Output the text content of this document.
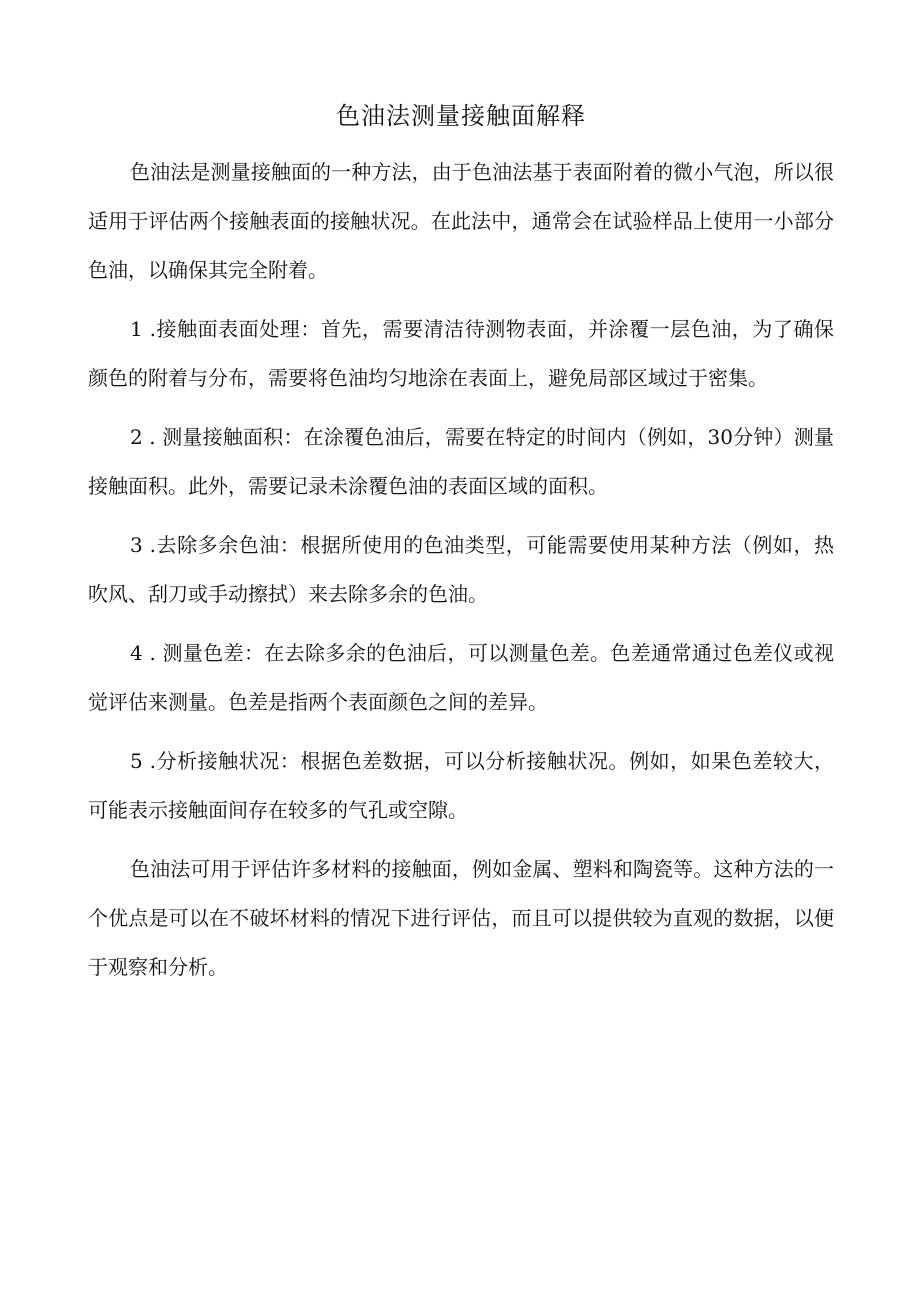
色油法测量接触面解释

色油法是测量接触面的一种方法，由于色油法基于表面附着的微小气泡，所以很适用于评估两个接触表面的接触状况。在此法中，通常会在试验样品上使用一小部分色油，以确保其完全附着。

1 .接触面表面处理：首先，需要清洁待测物表面，并涂覆一层色油，为了确保颜色的附着与分布，需要将色油均匀地涂在表面上，避免局部区域过于密集。

2 . 测量接触面积：在涂覆色油后，需要在特定的时间内（例如，30分钟）测量接触面积。此外，需要记录未涂覆色油的表面区域的面积。

3 .去除多余色油：根据所使用的色油类型，可能需要使用某种方法（例如，热吹风、刮刀或手动擦拭）来去除多余的色油。

4 . 测量色差：在去除多余的色油后，可以测量色差。色差通常通过色差仪或视觉评估来测量。色差是指两个表面颜色之间的差异。

5 .分析接触状况：根据色差数据，可以分析接触状况。例如，如果色差较大，可能表示接触面间存在较多的气孔或空隙。

色油法可用于评估许多材料的接触面，例如金属、塑料和陶瓷等。这种方法的一个优点是可以在不破坏材料的情况下进行评估，而且可以提供较为直观的数据，以便于观察和分析。
